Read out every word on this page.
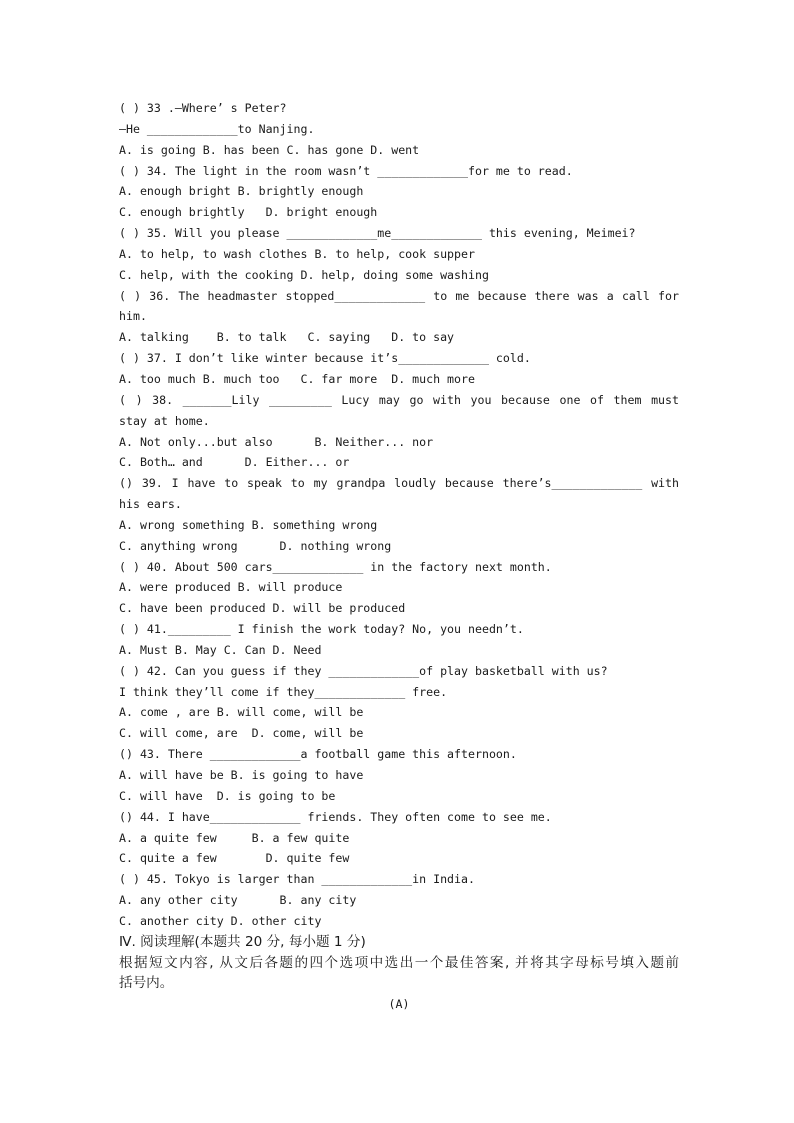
( ) 33 .—Where’ s Peter?
—He _____________to Nanjing.
A. is going B. has been C. has gone D. went
( ) 34. The light in the room wasn’t _____________for me to read.
A. enough bright B. brightly enough
C. enough brightly   D. bright enough
( ) 35. Will you please _____________me_____________ this evening, Meimei?
A. to help, to wash clothes B. to help, cook supper
C. help, with the cooking D. help, doing some washing
( ) 36. The headmaster stopped_____________ to me because there was a call for
him.
A. talking    B. to talk   C. saying   D. to say
( ) 37. I don’t like winter because it’s_____________ cold.
A. too much B. much too   C. far more  D. much more
( ) 38. _______Lily _________ Lucy may go with you because one of them must
stay at home.
A. Not only...but also      B. Neither... nor
C. Both… and      D. Either... or
() 39. I have to speak to my grandpa loudly because there’s_____________ with
his ears.
A. wrong something B. something wrong
C. anything wrong      D. nothing wrong
( ) 40. About 500 cars_____________ in the factory next month.
A. were produced B. will produce
C. have been produced D. will be produced
( ) 41._________ I finish the work today? No, you needn’t.
A. Must B. May C. Can D. Need
( ) 42. Can you guess if they _____________of play basketball with us?
I think they’ll come if they_____________ free.
A. come , are B. will come, will be
C. will come, are  D. come, will be
() 43. There _____________a football game this afternoon.
A. will have be B. is going to have
C. will have  D. is going to be
() 44. I have_____________ friends. They often come to see me.
A. a quite few     B. a few quite
C. quite a few       D. quite few
( ) 45. Tokyo is larger than _____________in India.
A. any other city      B. any city
C. another city D. other city
Ⅳ. 阅读理解(本题共 20 分, 每小题 1 分)
根据短文内容, 从文后各题的四个选项中选出一个最佳答案, 并将其字母标号填入题前
括号内。
(A)
